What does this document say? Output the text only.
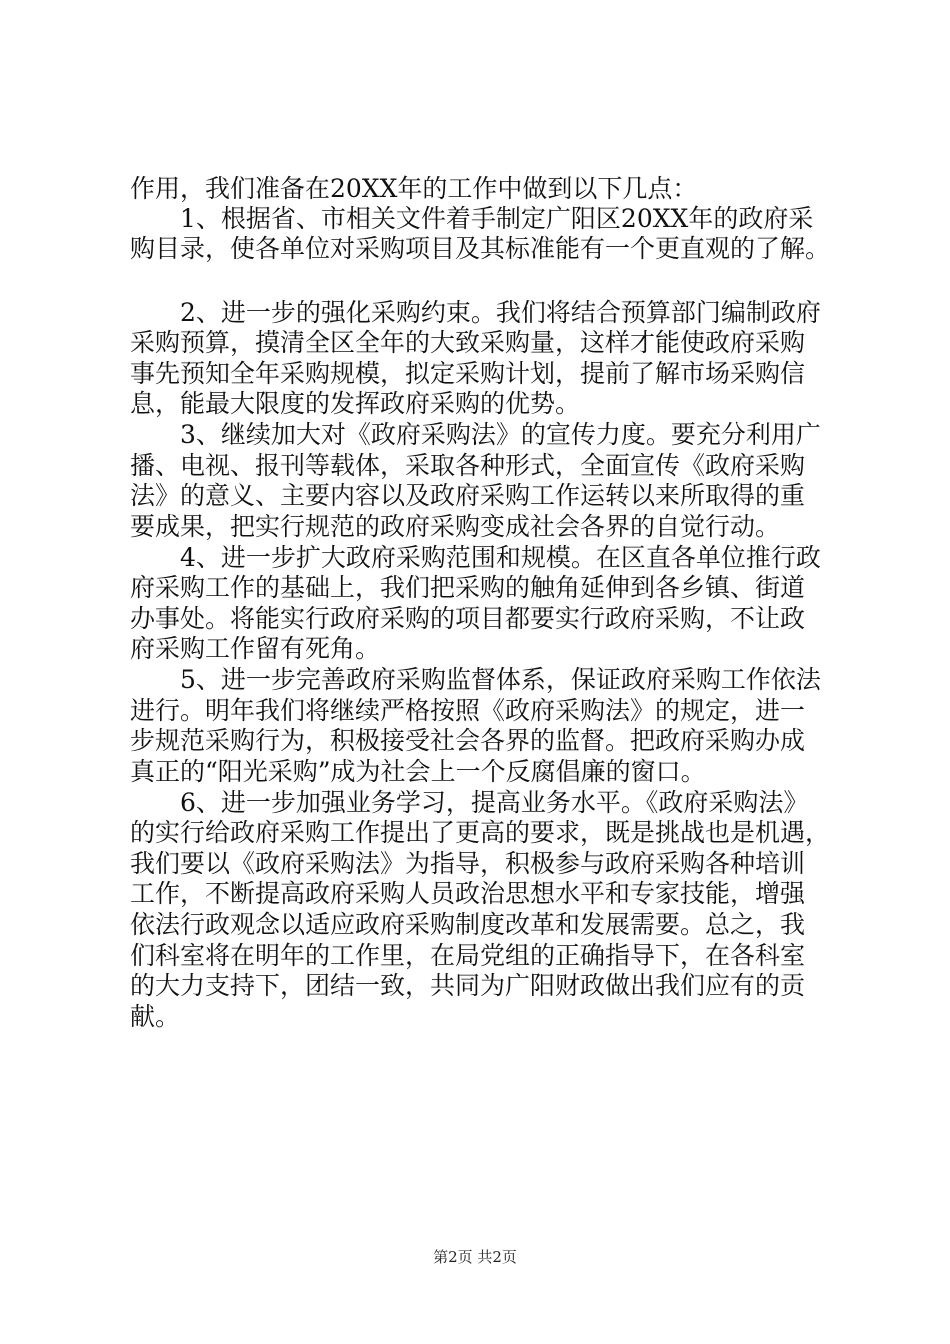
作用，我们准备在20XX年的工作中做到以下几点：
1、根据省、市相关文件着手制定广阳区20XX年的政府采
购目录，使各单位对采购项目及其标准能有一个更直观的了解。
2、进一步的强化采购约束。我们将结合预算部门编制政府
采购预算，摸清全区全年的大致采购量，这样才能使政府采购
事先预知全年采购规模，拟定采购计划，提前了解市场采购信
息，能最大限度的发挥政府采购的优势。
3、继续加大对《政府采购法》的宣传力度。要充分利用广
播、电视、报刊等载体，采取各种形式，全面宣传《政府采购
法》的意义、主要内容以及政府采购工作运转以来所取得的重
要成果，把实行规范的政府采购变成社会各界的自觉行动。
4、进一步扩大政府采购范围和规模。在区直各单位推行政
府采购工作的基础上，我们把采购的触角延伸到各乡镇、街道
办事处。将能实行政府采购的项目都要实行政府采购，不让政
府采购工作留有死角。
5、进一步完善政府采购监督体系，保证政府采购工作依法
进行。明年我们将继续严格按照《政府采购法》的规定，进一
步规范采购行为，积极接受社会各界的监督。把政府采购办成
真正的“阳光采购”成为社会上一个反腐倡廉的窗口。
6、进一步加强业务学习，提高业务水平。《政府采购法》
的实行给政府采购工作提出了更高的要求，既是挑战也是机遇，
我们要以《政府采购法》为指导，积极参与政府采购各种培训
工作，不断提高政府采购人员政治思想水平和专家技能，增强
依法行政观念以适应政府采购制度改革和发展需要。总之，我
们科室将在明年的工作里，在局党组的正确指导下，在各科室
的大力支持下，团结一致，共同为广阳财政做出我们应有的贡
献。
第2页 共2页
